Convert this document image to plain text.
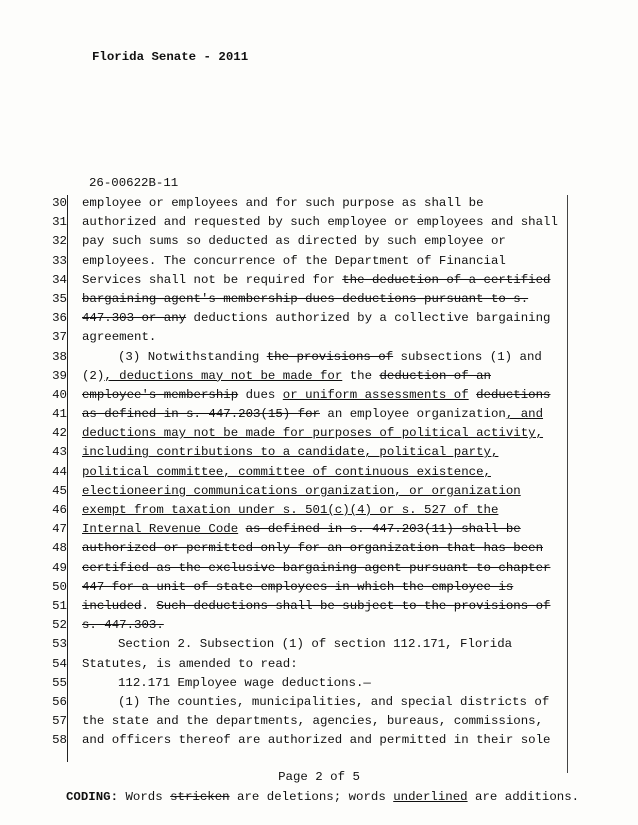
Florida Senate - 2011
26-00622B-11
30 employee or employees and for such purpose as shall be
31 authorized and requested by such employee or employees and shall
32 pay such sums so deducted as directed by such employee or
33 employees. The concurrence of the Department of Financial
34 Services shall not be required for the deduction of a certified
35 bargaining agent's membership dues deductions pursuant to s.
36 447.303 or any deductions authorized by a collective bargaining
37 agreement.
38	(3) Notwithstanding the provisions of subsections (1) and
39 (2), deductions may not be made for the deduction of an
40 employee's membership dues or uniform assessments of deductions
41 as defined in s. 447.203(15) for an employee organization, and
42 deductions may not be made for purposes of political activity,
43 including contributions to a candidate, political party,
44 political committee, committee of continuous existence,
45 electioneering communications organization, or organization
46 exempt from taxation under s. 501(c)(4) or s. 527 of the
47 Internal Revenue Code as defined in s. 447.203(11) shall be
48 authorized or permitted only for an organization that has been
49 certified as the exclusive bargaining agent pursuant to chapter
50 447 for a unit of state employees in which the employee is
51 included. Such deductions shall be subject to the provisions of
52 s. 447.303.
53	Section 2. Subsection (1) of section 112.171, Florida
54 Statutes, is amended to read:
55	112.171 Employee wage deductions.—
56	(1) The counties, municipalities, and special districts of
57 the state and the departments, agencies, bureaus, commissions,
58 and officers thereof are authorized and permitted in their sole
Page 2 of 5
CODING: Words stricken are deletions; words underlined are additions.
